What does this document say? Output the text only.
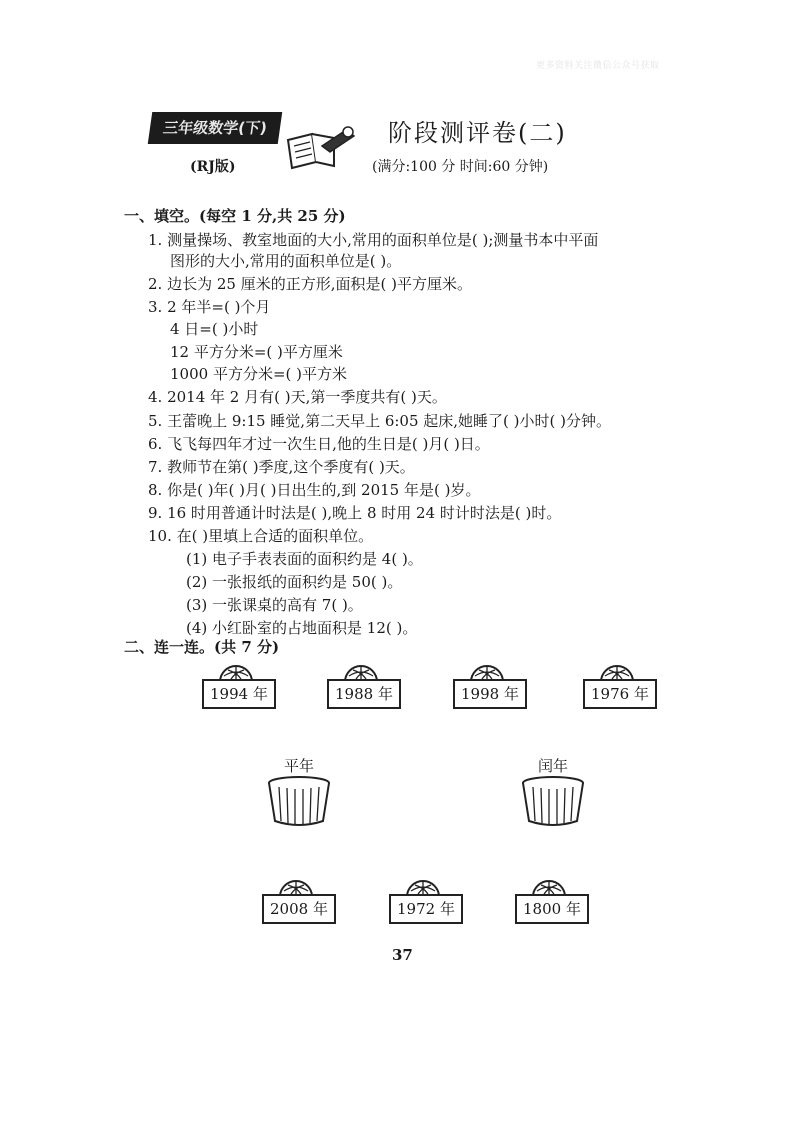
更多资料关注微信公众号获取
三年级数学(下)
(RJ版)
阶段测评卷(二)
(满分:100 分 时间:60 分钟)
一、填空。(每空 1 分,共 25 分)
1. 测量操场、教室地面的大小,常用的面积单位是( );测量书本中平面
图形的大小,常用的面积单位是( )。
2. 边长为 25 厘米的正方形,面积是( )平方厘米。
3. 2 年半=( )个月
4 日=( )小时
12 平方分米=( )平方厘米
1000 平方分米=( )平方米
4. 2014 年 2 月有( )天,第一季度共有( )天。
5. 王蕾晚上 9:15 睡觉,第二天早上 6:05 起床,她睡了( )小时( )分钟。
6. 飞飞每四年才过一次生日,他的生日是( )月( )日。
7. 教师节在第( )季度,这个季度有( )天。
8. 你是( )年( )月( )日出生的,到 2015 年是( )岁。
9. 16 时用普通计时法是( ),晚上 8 时用 24 时计时法是( )时。
10. 在( )里填上合适的面积单位。
(1) 电子手表表面的面积约是 4( )。
(2) 一张报纸的面积约是 50( )。
(3) 一张课桌的高有 7( )。
(4) 小红卧室的占地面积是 12( )。
二、连一连。(共 7 分)
1994 年	1988 年	1998 年	1976 年
平年	闰年
2008 年	1972 年	1800 年
37
